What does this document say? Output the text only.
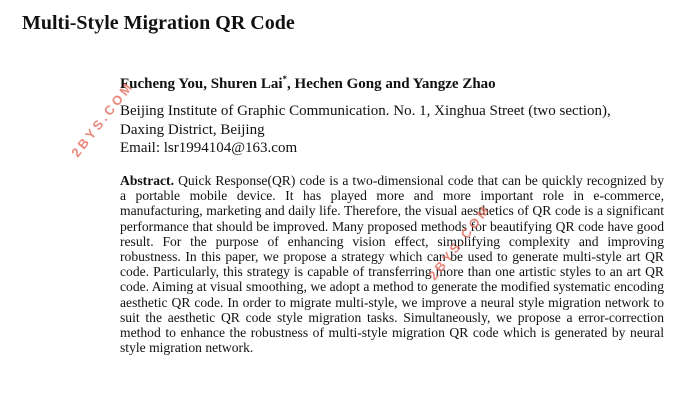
Multi-Style Migration QR Code
Fucheng You, Shuren Lai*, Hechen Gong and Yangze Zhao
Beijing Institute of Graphic Communication. No. 1, Xinghua Street (two section),
Daxing District, Beijing
Email: lsr1994104@163.com
Abstract. Quick Response(QR) code is a two-dimensional code that can be quickly recognized by a portable mobile device. It has played more and more important role in e-commerce, manufacturing, marketing and daily life. Therefore, the visual aesthetics of QR code is a significant performance that should be improved. Many proposed methods for beautifying QR code have good result. For the purpose of enhancing vision effect, simplifying complexity and improving robustness. In this paper, we propose a strategy which can be used to generate multi-style art QR code. Particularly, this strategy is capable of transferring more than one artistic styles to an art QR code. Aiming at visual smoothing, we adopt a method to generate the modified systematic encoding aesthetic QR code. In order to migrate multi-style, we improve a neural style migration network to suit the aesthetic QR code style migration tasks. Simultaneously, we propose a error-correction method to enhance the robustness of multi-style migration QR code which is generated by neural style migration network.
2BYS.COM
2BYS.COM
